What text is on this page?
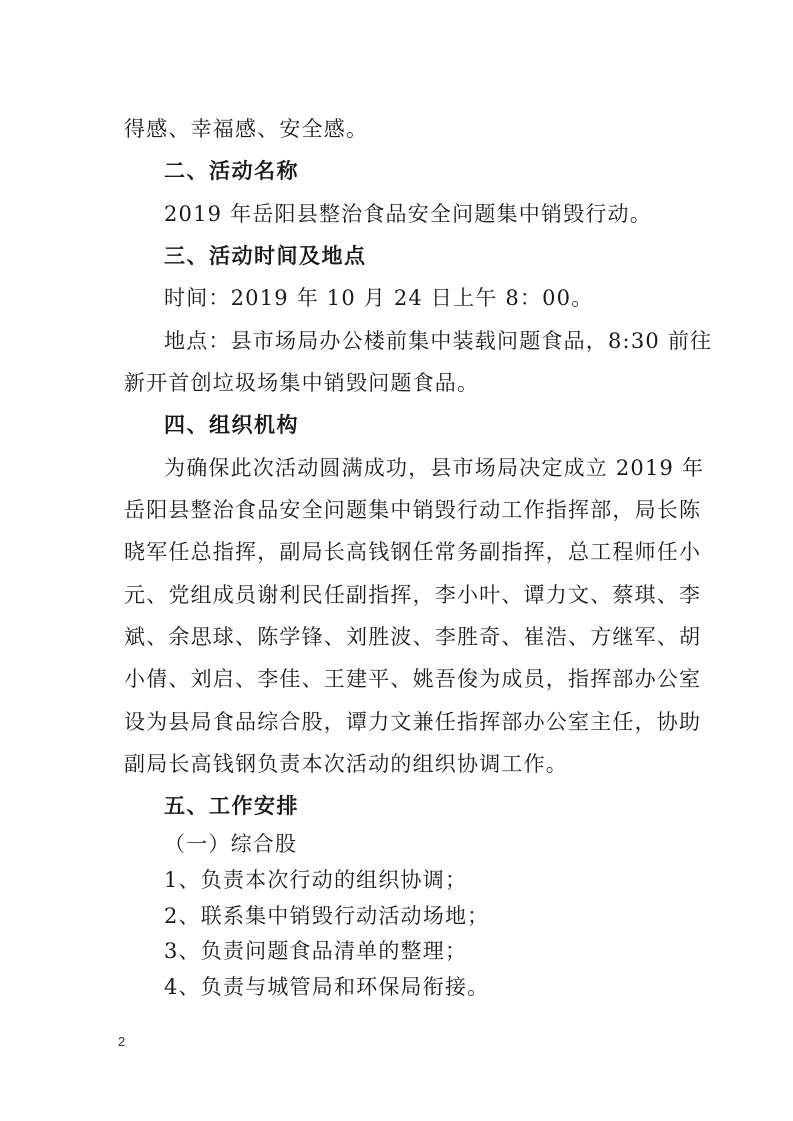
得感、幸福感、安全感。
二、活动名称
2019 年岳阳县整治食品安全问题集中销毁行动。
三、活动时间及地点
时间：2019 年 10 月 24 日上午 8：00。
地点：县市场局办公楼前集中装载问题食品，8:30 前往
新开首创垃圾场集中销毁问题食品。
四、组织机构
为确保此次活动圆满成功，县市场局决定成立 2019 年
岳阳县整治食品安全问题集中销毁行动工作指挥部，局长陈
晓军任总指挥，副局长高钱钢任常务副指挥，总工程师任小
元、党组成员谢利民任副指挥，李小叶、谭力文、蔡琪、李
斌、余思球、陈学锋、刘胜波、李胜奇、崔浩、方继军、胡
小倩、刘启、李佳、王建平、姚吾俊为成员，指挥部办公室
设为县局食品综合股，谭力文兼任指挥部办公室主任，协助
副局长高钱钢负责本次活动的组织协调工作。
五、工作安排
（一）综合股
1、负责本次行动的组织协调；
2、联系集中销毁行动活动场地；
3、负责问题食品清单的整理；
4、负责与城管局和环保局衔接。
2
